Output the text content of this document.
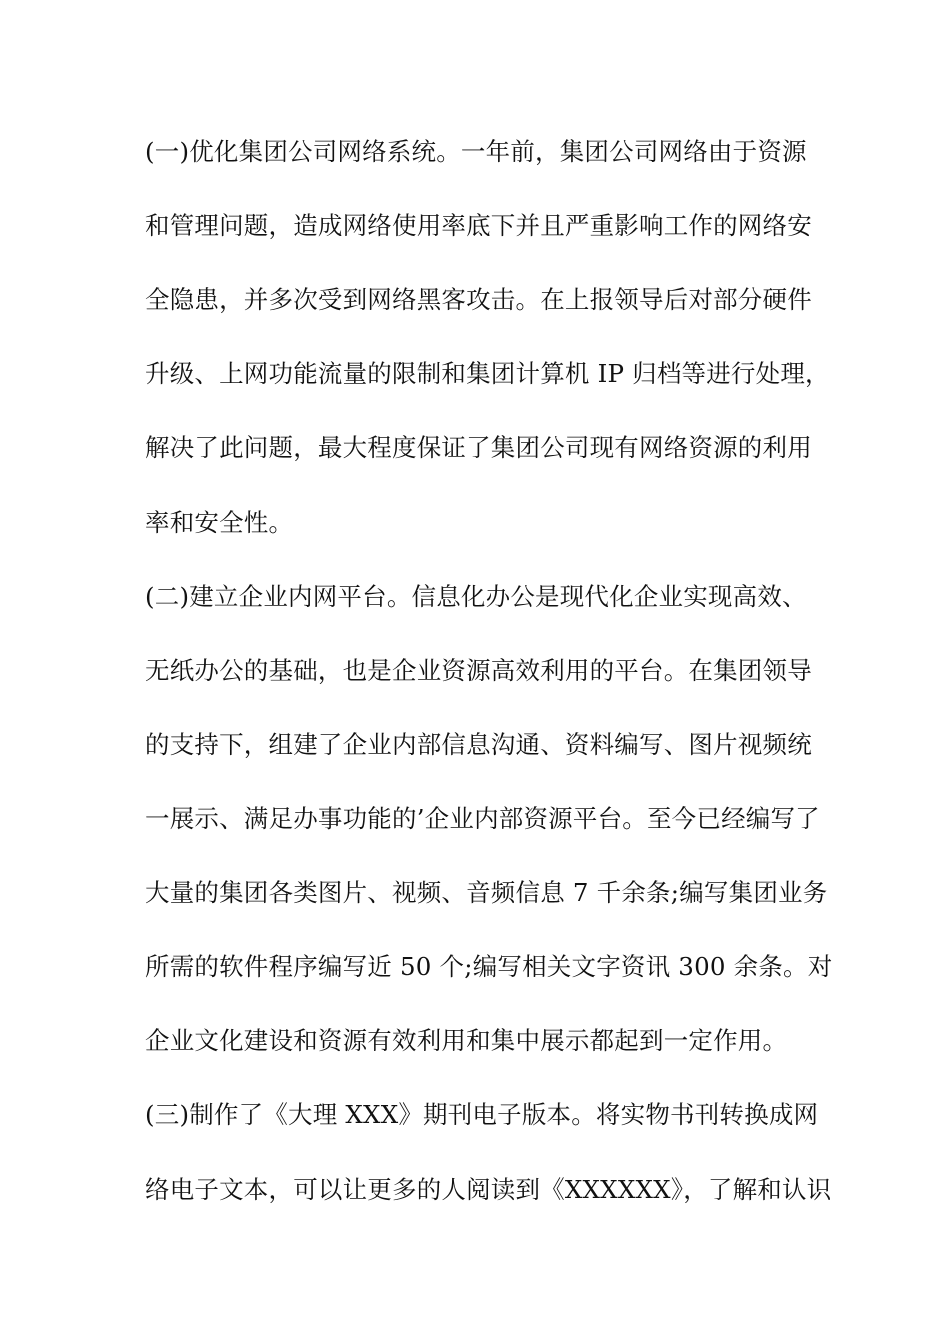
(一)优化集团公司网络系统。一年前，集团公司网络由于资源
和管理问题，造成网络使用率底下并且严重影响工作的网络安
全隐患，并多次受到网络黑客攻击。在上报领导后对部分硬件
升级、上网功能流量的限制和集团计算机 IP 归档等进行处理，
解决了此问题，最大程度保证了集团公司现有网络资源的利用
率和安全性。
(二)建立企业内网平台。信息化办公是现代化企业实现高效、
无纸办公的基础，也是企业资源高效利用的平台。在集团领导
的支持下，组建了企业内部信息沟通、资料编写、图片视频统
一展示、满足办事功能的’企业内部资源平台。至今已经编写了
大量的集团各类图片、视频、音频信息 7 千余条;编写集团业务
所需的软件程序编写近 50 个;编写相关文字资讯 300 余条。对
企业文化建设和资源有效利用和集中展示都起到一定作用。
(三)制作了《大理 XXX》期刊电子版本。将实物书刊转换成网
络电子文本，可以让更多的人阅读到《XXXXXX》，了解和认识
